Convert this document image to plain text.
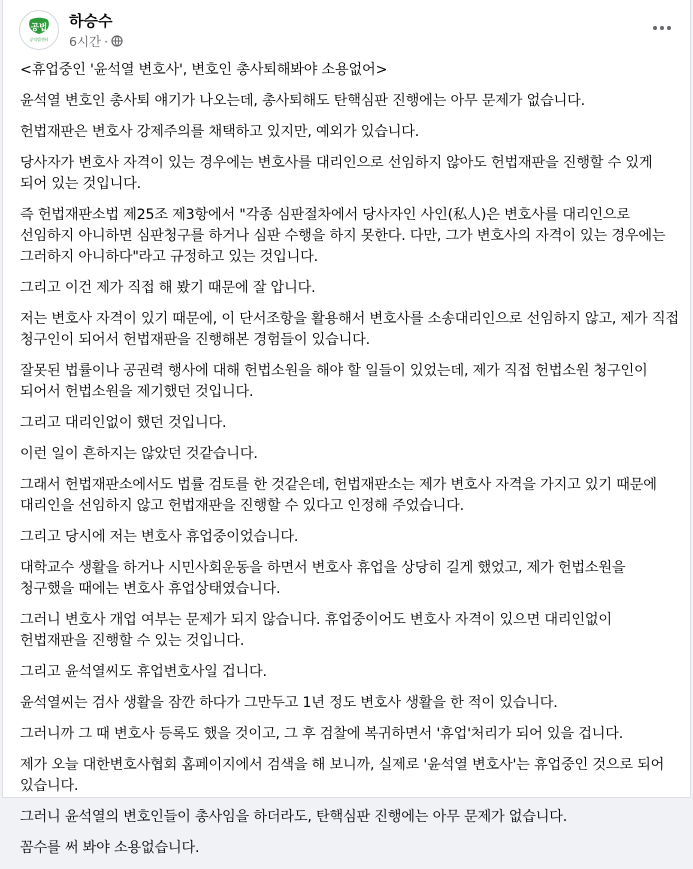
공법
공익법센터
하승수
6시간 ·

<휴업중인 '윤석열 변호사', 변호인 총사퇴해봐야 소용없어>

윤석열 변호인 총사퇴 얘기가 나오는데, 총사퇴해도 탄핵심판 진행에는 아무 문제가 없습니다.

헌법재판은 변호사 강제주의를 채택하고 있지만, 예외가 있습니다.

당사자가 변호사 자격이 있는 경우에는 변호사를 대리인으로 선임하지 않아도 헌법재판을 진행할 수 있게 되어 있는 것입니다.

즉 헌법재판소법 제25조 제3항에서 "각종 심판절차에서 당사자인 사인(私人)은 변호사를 대리인으로 선임하지 아니하면 심판청구를 하거나 심판 수행을 하지 못한다. 다만, 그가 변호사의 자격이 있는 경우에는 그러하지 아니하다"라고 규정하고 있는 것입니다.

그리고 이건 제가 직접 해 봤기 때문에 잘 압니다.

저는 변호사 자격이 있기 때문에, 이 단서조항을 활용해서 변호사를 소송대리인으로 선임하지 않고, 제가 직접 청구인이 되어서 헌법재판을 진행해본 경험들이 있습니다.

잘못된 법률이나 공권력 행사에 대해 헌법소원을 해야 할 일들이 있었는데, 제가 직접 헌법소원 청구인이 되어서 헌법소원을 제기했던 것입니다.

그리고 대리인없이 했던 것입니다.

이런 일이 흔하지는 않았던 것같습니다.

그래서 헌법재판소에서도 법률 검토를 한 것같은데, 헌법재판소는 제가 변호사 자격을 가지고 있기 때문에 대리인을 선임하지 않고 헌법재판을 진행할 수 있다고 인정해 주었습니다.

그리고 당시에 저는 변호사 휴업중이었습니다.

대학교수 생활을 하거나 시민사회운동을 하면서 변호사 휴업을 상당히 길게 했었고, 제가 헌법소원을 청구했을 때에는 변호사 휴업상태였습니다.

그러니 변호사 개업 여부는 문제가 되지 않습니다. 휴업중이어도 변호사 자격이 있으면 대리인없이 헌법재판을 진행할 수 있는 것입니다.

그리고 윤석열씨도 휴업변호사일 겁니다.

윤석열씨는 검사 생활을 잠깐 하다가 그만두고 1년 정도 변호사 생활을 한 적이 있습니다.

그러니까 그 때 변호사 등록도 했을 것이고, 그 후 검찰에 복귀하면서 '휴업'처리가 되어 있을 겁니다.

제가 오늘 대한변호사협회 홈페이지에서 검색을 해 보니까, 실제로 '윤석열 변호사'는 휴업중인 것으로 되어 있습니다.

그러니 윤석열의 변호인들이 총사임을 하더라도, 탄핵심판 진행에는 아무 문제가 없습니다.

꼼수를 써 봐야 소용없습니다.
